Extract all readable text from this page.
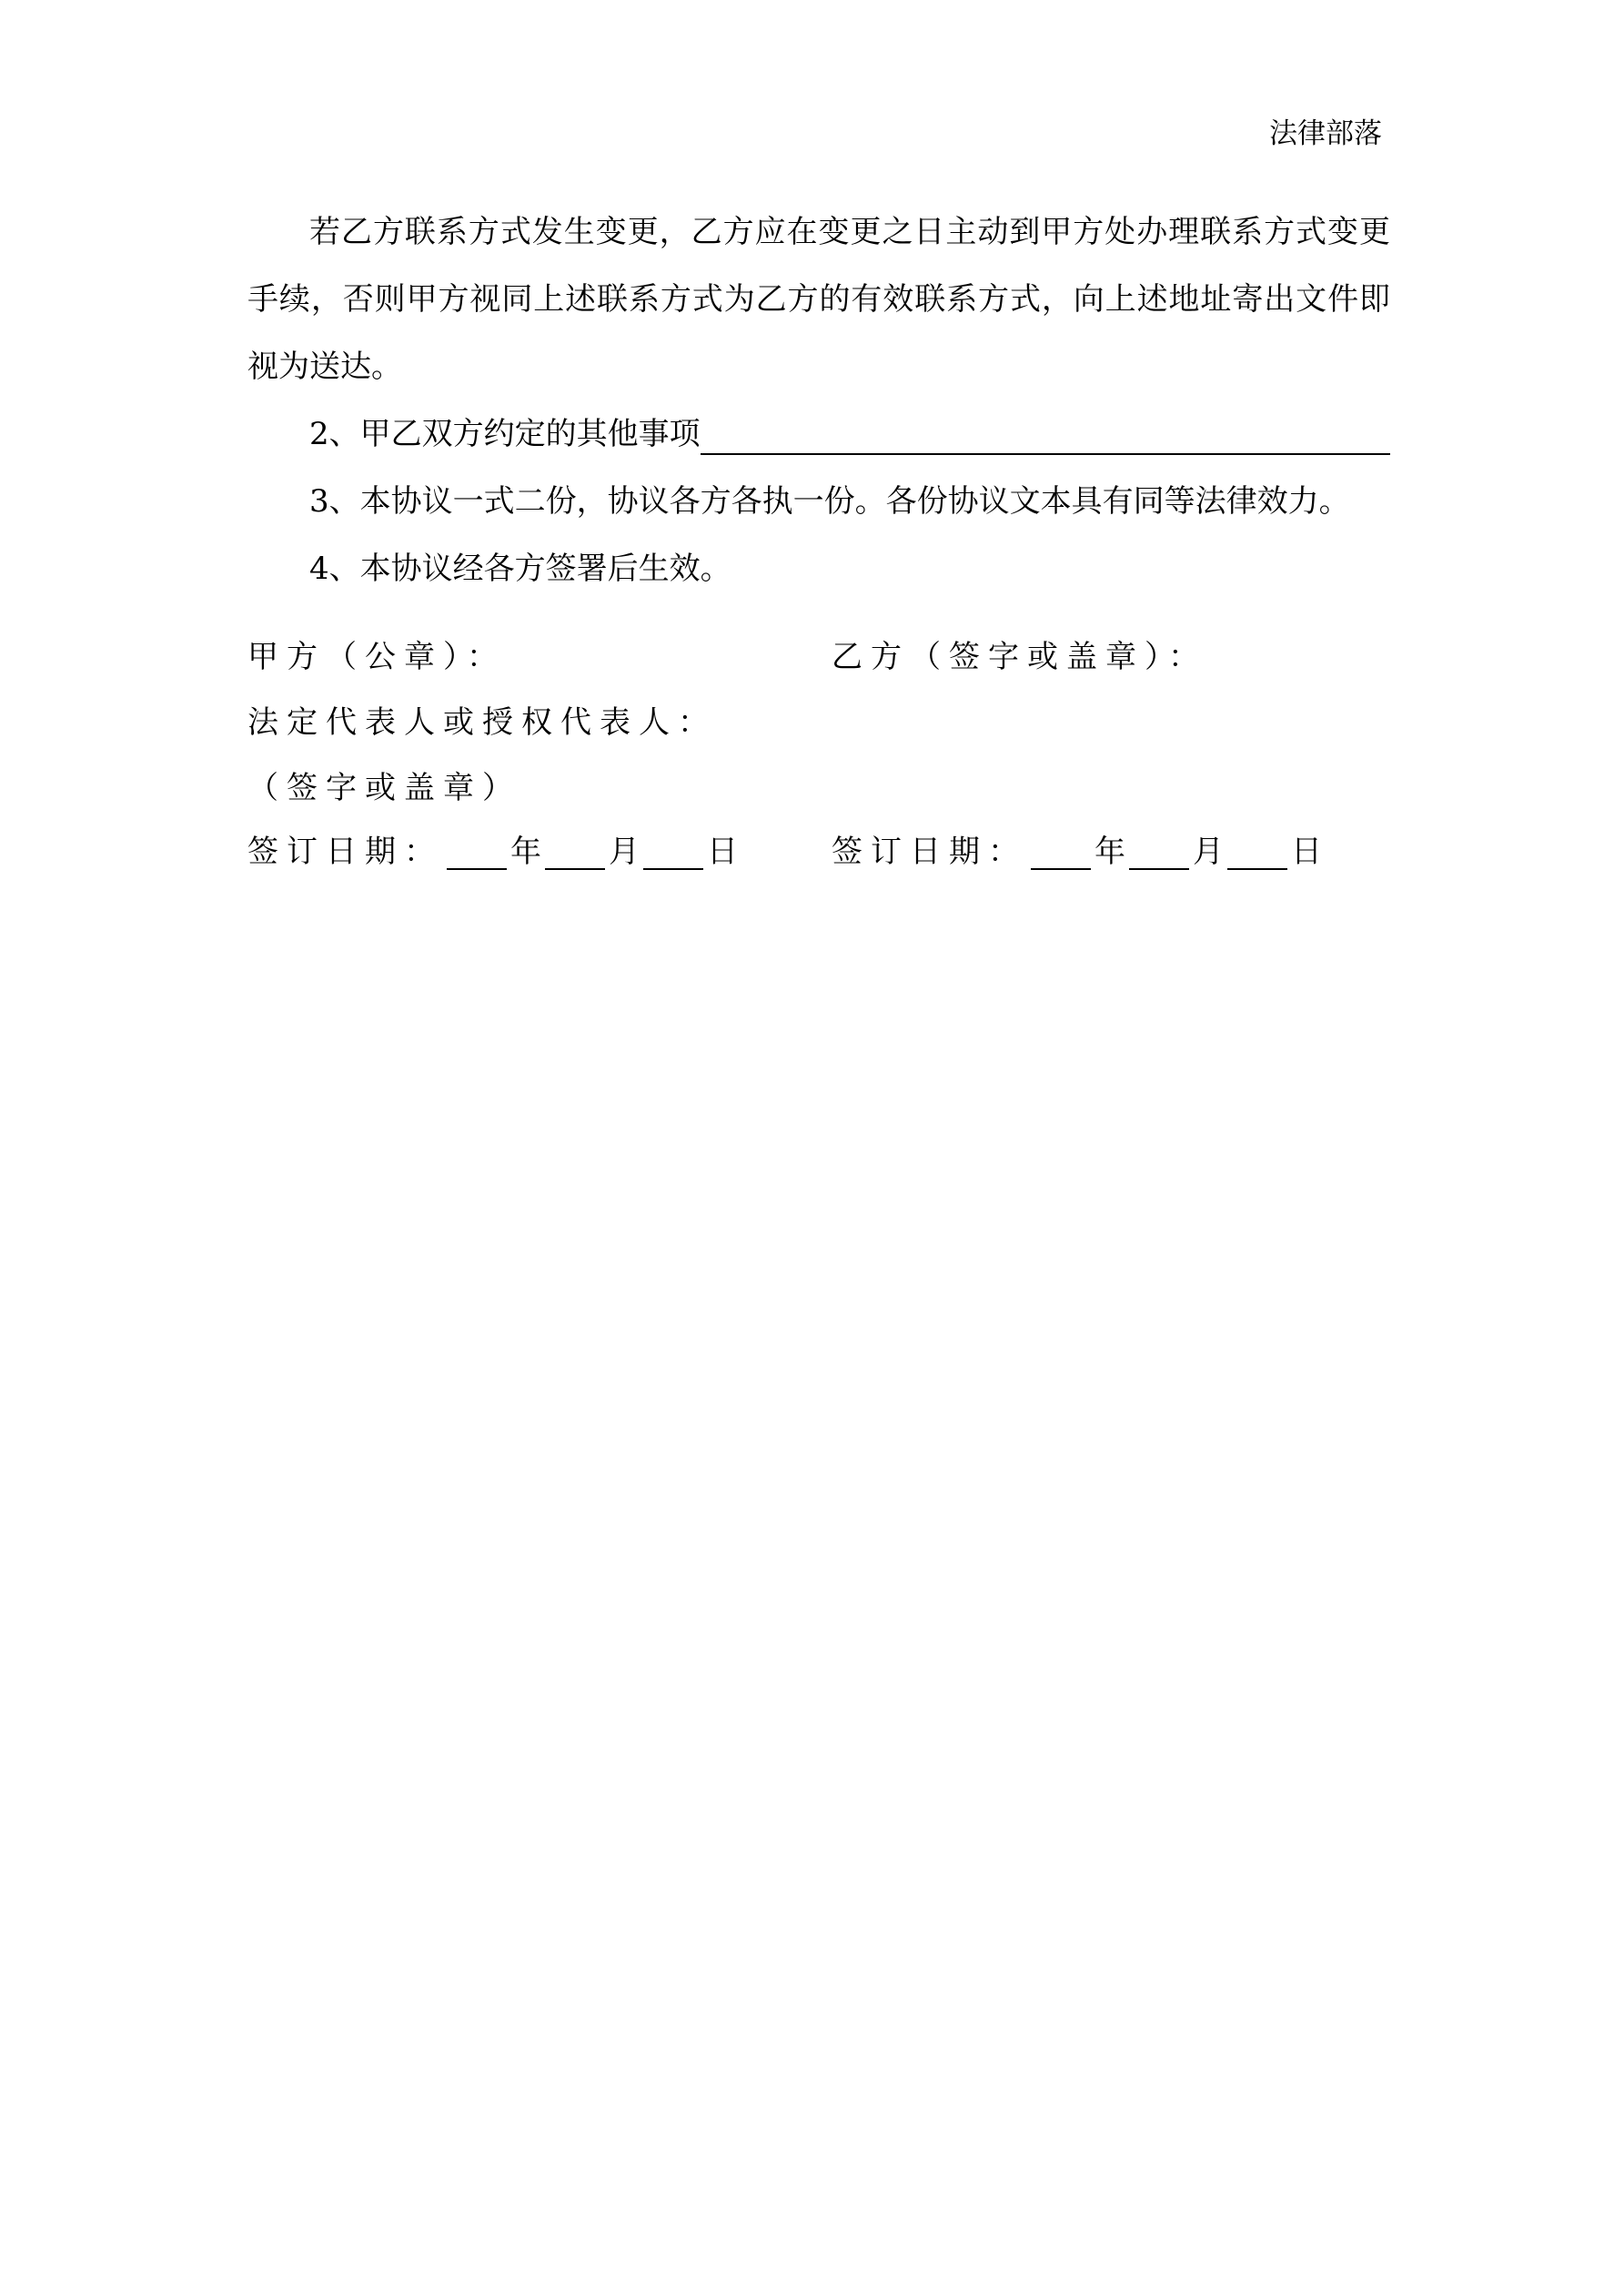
法律部落

若乙方联系方式发生变更，乙方应在变更之日主动到甲方处办理联系方式变更手续，否则甲方视同上述联系方式为乙方的有效联系方式，向上述地址寄出文件即视为送达。

2、甲乙双方约定的其他事项
3、本协议一式二份，协议各方各执一份。各份协议文本具有同等法律效力。
4、本协议经各方签署后生效。
甲方（公章）：	乙方（签字或盖章）：
法定代表人或授权代表人：
（签字或盖章）
签订日期： 年 月 日	签订日期： 年 月 日
